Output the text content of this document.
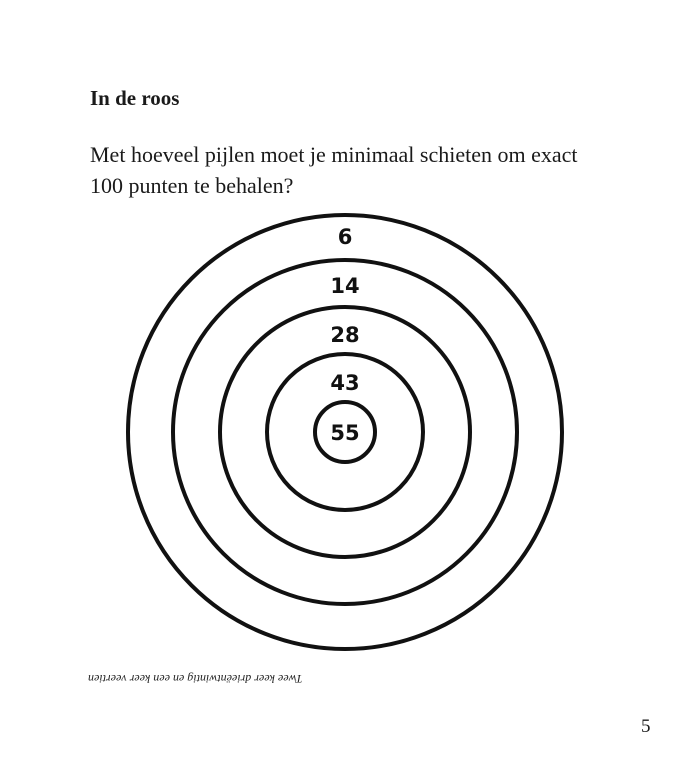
In de roos

Met hoeveel pijlen moet je minimaal schieten om exact
100 punten te behalen?

6
14
28
43
55
Twee keer drieëntwintig en een keer veertien
5
